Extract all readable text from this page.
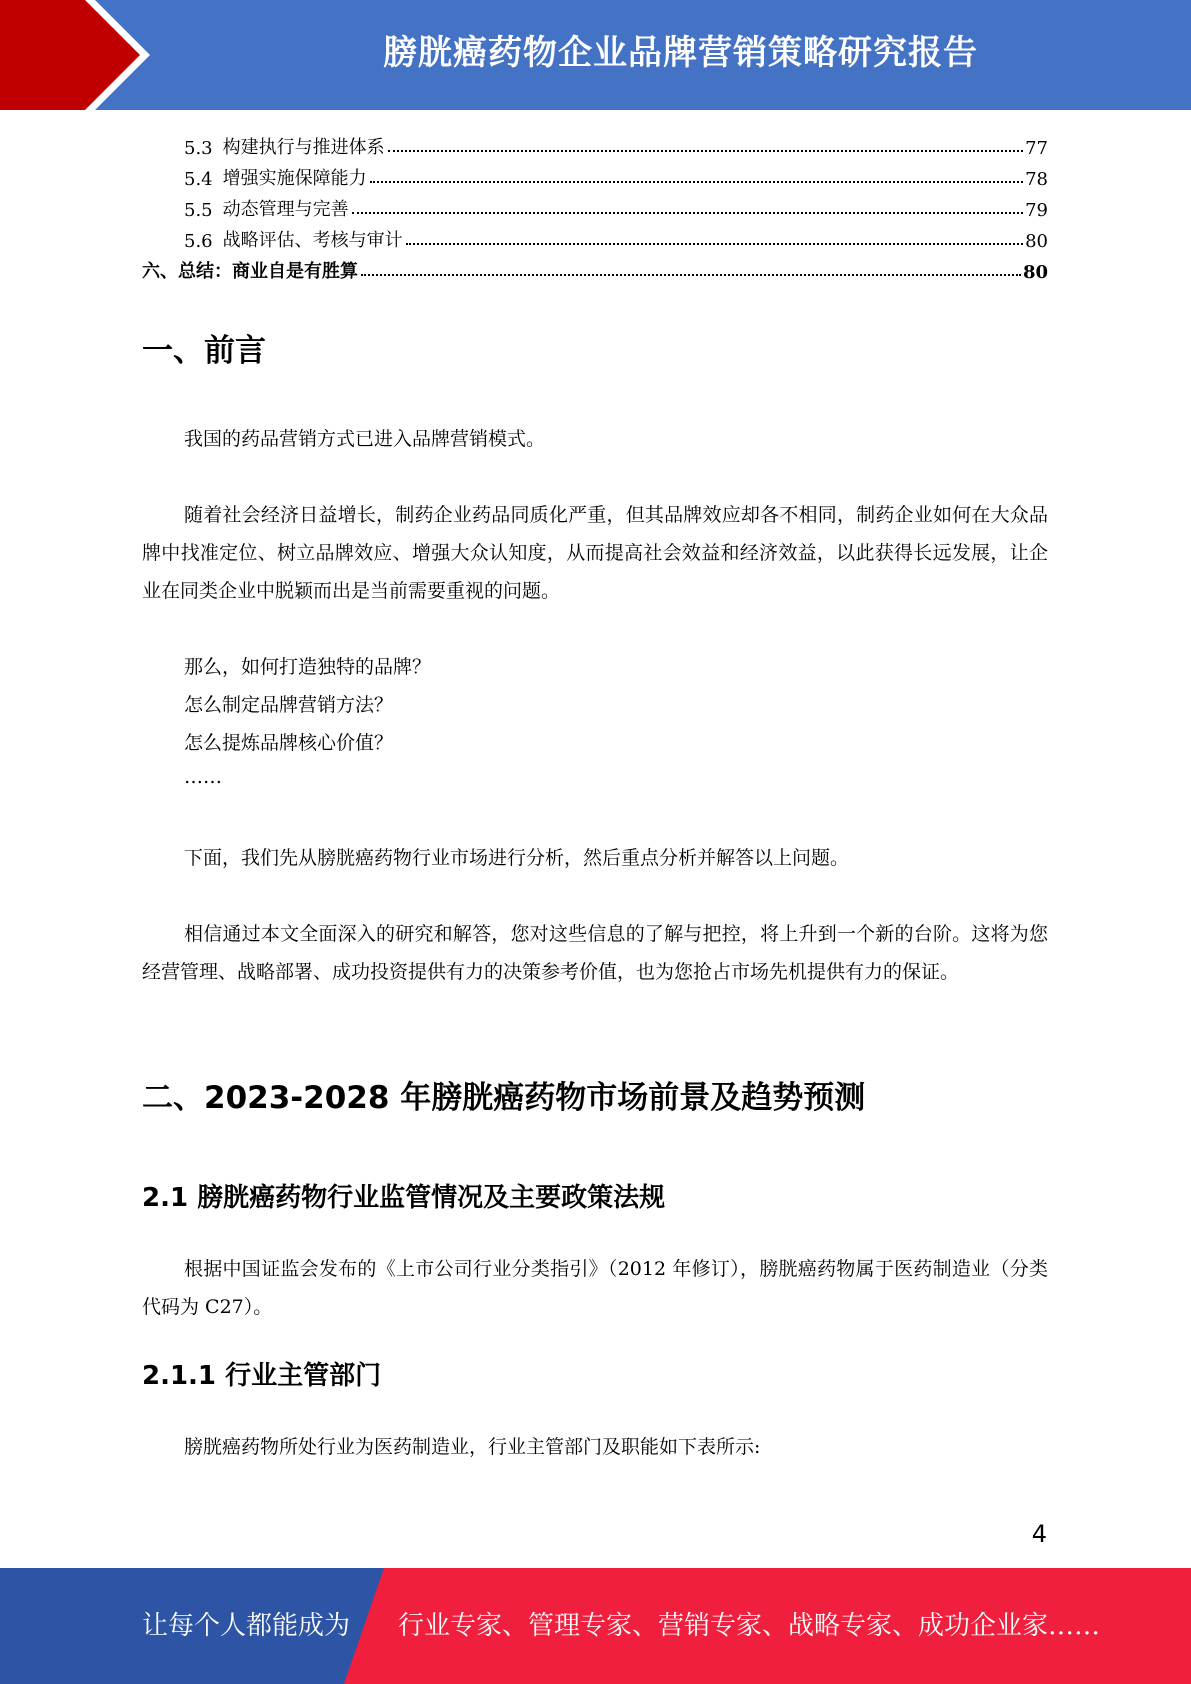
膀胱癌药物企业品牌营销策略研究报告
5.3 构建执行与推进体系	77
5.4 增强实施保障能力	78
5.5 动态管理与完善	79
5.6 战略评估、考核与审计	80
六、总结：商业自是有胜算	80
一、前言
我国的药品营销方式已进入品牌营销模式。
随着社会经济日益增长，制药企业药品同质化严重，但其品牌效应却各不相同，制药企业如何在大众品牌中找准定位、树立品牌效应、增强大众认知度，从而提高社会效益和经济效益，以此获得长远发展，让企业在同类企业中脱颖而出是当前需要重视的问题。
那么，如何打造独特的品牌？
怎么制定品牌营销方法？
怎么提炼品牌核心价值？
……
下面，我们先从膀胱癌药物行业市场进行分析，然后重点分析并解答以上问题。
相信通过本文全面深入的研究和解答，您对这些信息的了解与把控，将上升到一个新的台阶。这将为您经营管理、战略部署、成功投资提供有力的决策参考价值，也为您抢占市场先机提供有力的保证。
二、2023-2028 年膀胱癌药物市场前景及趋势预测
2.1 膀胱癌药物行业监管情况及主要政策法规
根据中国证监会发布的《上市公司行业分类指引》（2012 年修订），膀胱癌药物属于医药制造业（分类代码为 C27）。
2.1.1 行业主管部门
膀胱癌药物所处行业为医药制造业，行业主管部门及职能如下表所示:
4
让每个人都能成为 行业专家、管理专家、营销专家、战略专家、成功企业家……
